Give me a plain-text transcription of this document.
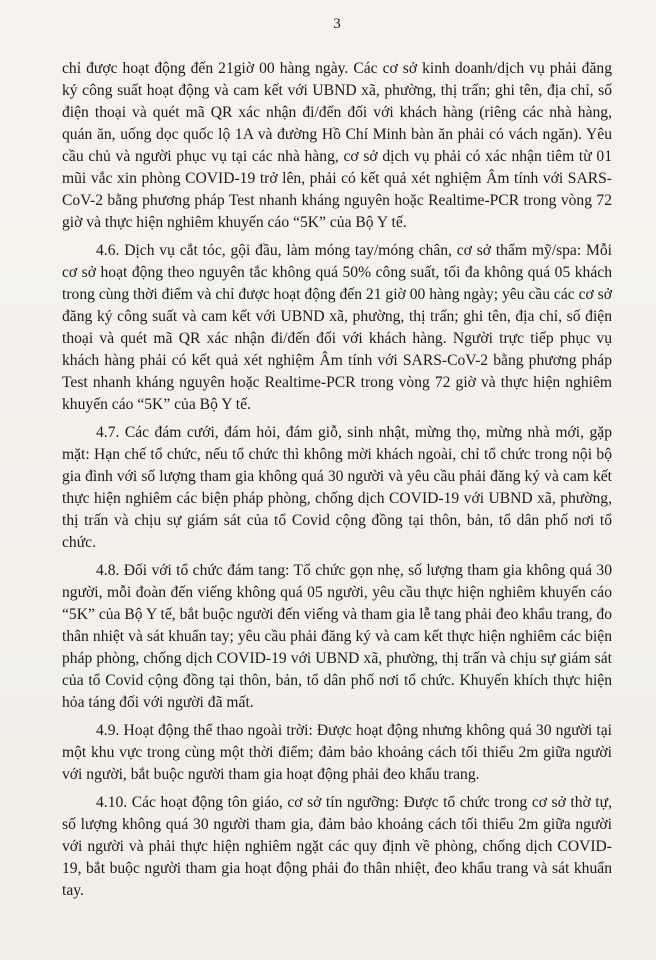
3

chỉ được hoạt động đến 21giờ 00 hàng ngày. Các cơ sở kinh doanh/dịch vụ phải đăng ký công suất hoạt động và cam kết với UBND xã, phường, thị trấn; ghi tên, địa chỉ, số điện thoại và quét mã QR xác nhận đi/đến đối với khách hàng (riêng các nhà hàng, quán ăn, uống dọc quốc lộ 1A và đường Hồ Chí Minh bàn ăn phải có vách ngăn). Yêu cầu chủ và người phục vụ tại các nhà hàng, cơ sở dịch vụ phải có xác nhận tiêm từ 01 mũi vắc xin phòng COVID-19 trở lên, phải có kết quả xét nghiệm Âm tính với SARS-CoV-2 bằng phương pháp Test nhanh kháng nguyên hoặc Realtime-PCR trong vòng 72 giờ và thực hiện nghiêm khuyến cáo “5K” của Bộ Y tế.

4.6. Dịch vụ cắt tóc, gội đầu, làm móng tay/móng chân, cơ sở thẩm mỹ/spa: Mỗi cơ sở hoạt động theo nguyên tắc không quá 50% công suất, tối đa không quá 05 khách trong cùng thời điểm và chỉ được hoạt động đến 21 giờ 00 hàng ngày; yêu cầu các cơ sở đăng ký công suất và cam kết với UBND xã, phường, thị trấn; ghi tên, địa chỉ, số điện thoại và quét mã QR xác nhận đi/đến đối với khách hàng. Người trực tiếp phục vụ khách hàng phải có kết quả xét nghiệm Âm tính với SARS-CoV-2 bằng phương pháp Test nhanh kháng nguyên hoặc Realtime-PCR trong vòng 72 giờ và thực hiện nghiêm khuyến cáo “5K” của Bộ Y tế.

4.7. Các đám cưới, đám hỏi, đám giỗ, sinh nhật, mừng thọ, mừng nhà mới, gặp mặt: Hạn chế tổ chức, nếu tổ chức thì không mời khách ngoài, chỉ tổ chức trong nội bộ gia đình với số lượng tham gia không quá 30 người và yêu cầu phải đăng ký và cam kết thực hiện nghiêm các biện pháp phòng, chống dịch COVID-19 với UBND xã, phường, thị trấn và chịu sự giám sát của tổ Covid cộng đồng tại thôn, bản, tổ dân phố nơi tổ chức.

4.8. Đối với tổ chức đám tang: Tổ chức gọn nhẹ, số lượng tham gia không quá 30 người, mỗi đoàn đến viếng không quá 05 người, yêu cầu thực hiện nghiêm khuyến cáo “5K” của Bộ Y tế, bắt buộc người đến viếng và tham gia lễ tang phải đeo khẩu trang, đo thân nhiệt và sát khuẩn tay; yêu cầu phải đăng ký và cam kết thực hiện nghiêm các biện pháp phòng, chống dịch COVID-19 với UBND xã, phường, thị trấn và chịu sự giám sát của tổ Covid cộng đồng tại thôn, bản, tổ dân phố nơi tổ chức. Khuyến khích thực hiện hỏa táng đối với người đã mất.

4.9. Hoạt động thể thao ngoài trời: Được hoạt động nhưng không quá 30 người tại một khu vực trong cùng một thời điểm; đảm bảo khoảng cách tối thiểu 2m giữa người với người, bắt buộc người tham gia hoạt động phải đeo khẩu trang.

4.10. Các hoạt động tôn giáo, cơ sở tín ngưỡng: Được tổ chức trong cơ sở thờ tự, số lượng không quá 30 người tham gia, đảm bảo khoảng cách tối thiểu 2m giữa người với người và phải thực hiện nghiêm ngặt các quy định về phòng, chống dịch COVID-19, bắt buộc người tham gia hoạt động phải đo thân nhiệt, đeo khẩu trang và sát khuẩn tay.
